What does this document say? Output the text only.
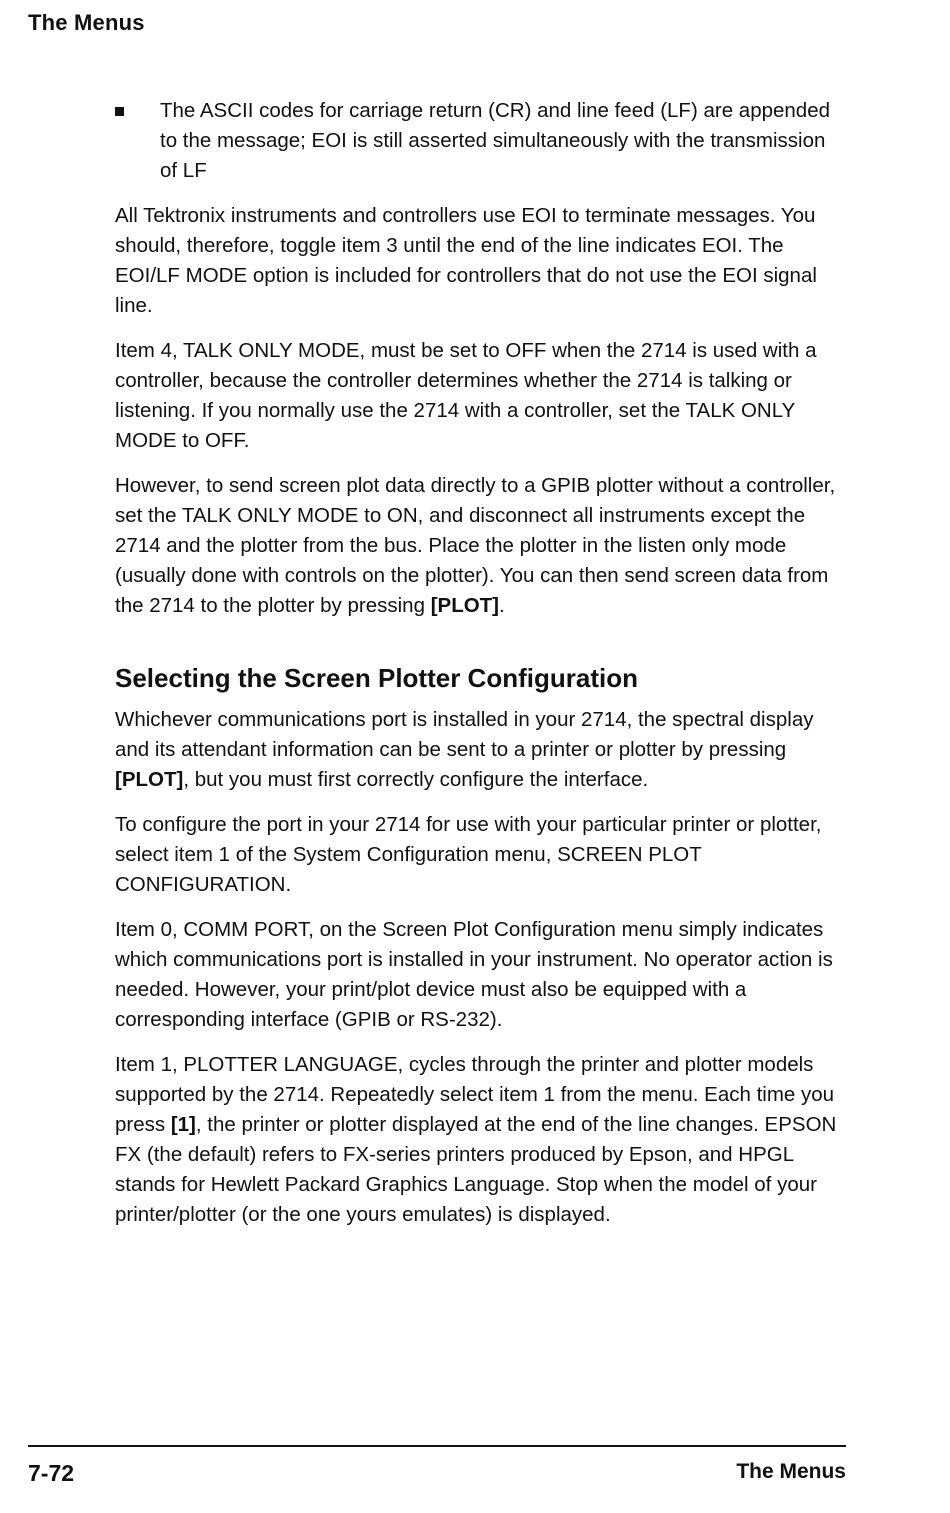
The Menus
The ASCII codes for carriage return (CR) and line feed (LF) are appended to the message; EOI is still asserted simultaneously with the transmission of LF

All Tektronix instruments and controllers use EOI to terminate messages. You should, therefore, toggle item 3 until the end of the line indicates EOI. The EOI/LF MODE option is included for controllers that do not use the EOI signal line.

Item 4, TALK ONLY MODE, must be set to OFF when the 2714 is used with a controller, because the controller determines whether the 2714 is talking or listening. If you normally use the 2714 with a controller, set the TALK ONLY MODE to OFF.

However, to send screen plot data directly to a GPIB plotter without a controller, set the TALK ONLY MODE to ON, and disconnect all instruments except the 2714 and the plotter from the bus. Place the plotter in the listen only mode (usually done with controls on the plotter). You can then send screen data from the 2714 to the plotter by pressing [PLOT].

Selecting the Screen Plotter Configuration

Whichever communications port is installed in your 2714, the spectral display and its attendant information can be sent to a printer or plotter by pressing [PLOT], but you must first correctly configure the interface.

To configure the port in your 2714 for use with your particular printer or plotter, select item 1 of the System Configuration menu, SCREEN PLOT CONFIGURATION.

Item 0, COMM PORT, on the Screen Plot Configuration menu simply indicates which communications port is installed in your instrument. No operator action is needed. However, your print/plot device must also be equipped with a corresponding interface (GPIB or RS-232).

Item 1, PLOTTER LANGUAGE, cycles through the printer and plotter models supported by the 2714. Repeatedly select item 1 from the menu. Each time you press [1], the printer or plotter displayed at the end of the line changes. EPSON FX (the default) refers to FX-series printers produced by Epson, and HPGL stands for Hewlett Packard Graphics Language. Stop when the model of your printer/plotter (or the one yours emulates) is displayed.

7-72	The Menus
